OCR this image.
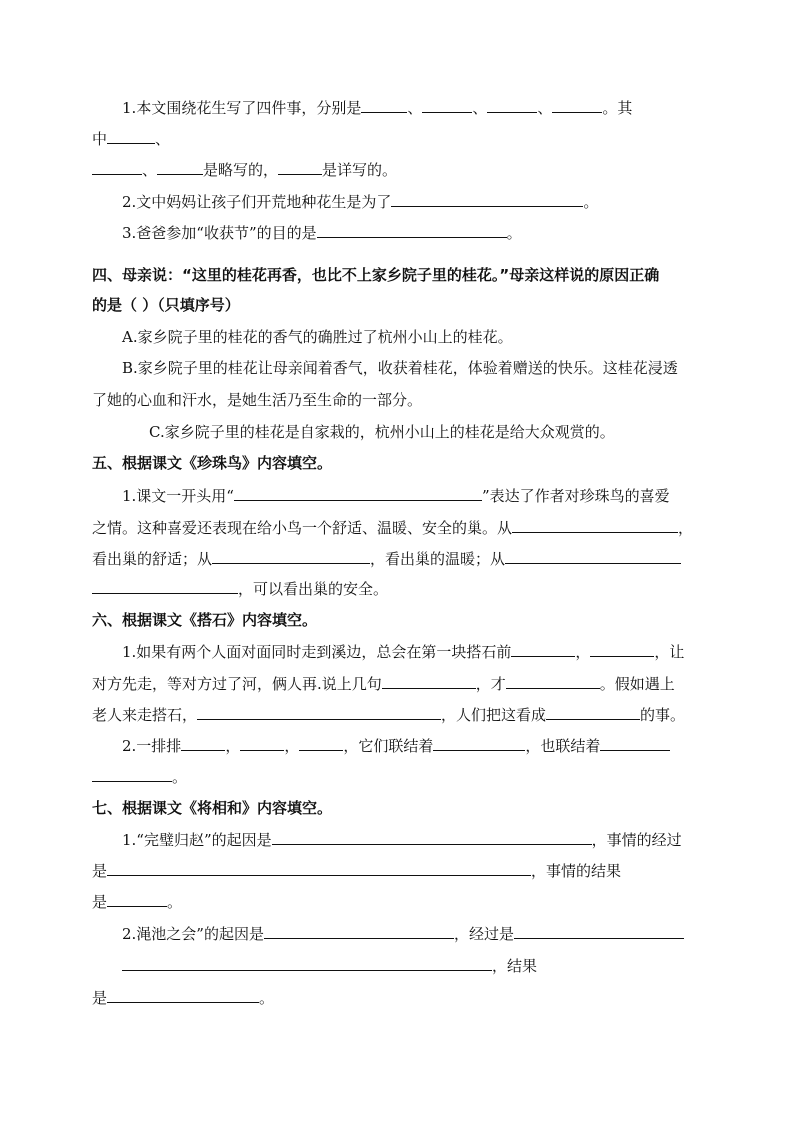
1.本文围绕花生写了四件事，分别是	、	、	、	。其
中	、
、	是略写的，	是详写的。
2.文中妈妈让孩子们开荒地种花生是为了	。
3.爸爸参加“收获节”的目的是	。
四、母亲说：“这里的桂花再香，也比不上家乡院子里的桂花。”母亲这样说的原因正确
的是（ ）（只填序号）
A.家乡院子里的桂花的香气的确胜过了杭州小山上的桂花。
B.家乡院子里的桂花让母亲闻着香气，收获着桂花，体验着赠送的快乐。这桂花浸透
了她的心血和汗水，是她生活乃至生命的一部分。
C.家乡院子里的桂花是自家栽的，杭州小山上的桂花是给大众观赏的。
五、根据课文《珍珠鸟》内容填空。
1.课文一开头用“	”表达了作者对珍珠鸟的喜爱
之情。这种喜爱还表现在给小鸟一个舒适、温暖、安全的巢。从	，
看出巢的舒适；从	，看出巢的温暖；从
，可以看出巢的安全。
六、根据课文《搭石》内容填空。
1.如果有两个人面对面同时走到溪边，总会在第一块搭石前	，	，让
对方先走，等对方过了河，俩人再.说上几句	，才	。假如遇上
老人来走搭石，	，人们把这看成	的事。
2.一排排	，	，	，它们联结着	，也联结着
。
七、根据课文《将相和》内容填空。
1.“完璧归赵”的起因是	，事情的经过
是	，事情的结果
是	。
2.渑池之会”的起因是	，经过是
，结果
是	。
